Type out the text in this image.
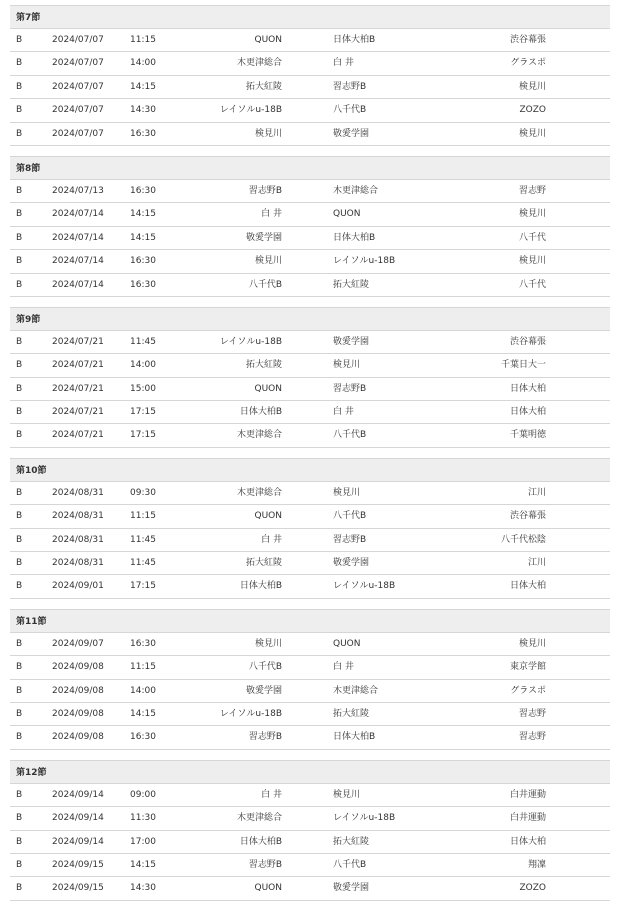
第7節
B	2024/07/07	11:15	QUON	日体大柏B	渋谷幕張
B	2024/07/07	14:00	木更津総合	白 井	グラスポ
B	2024/07/07	14:15	拓大紅陵	習志野B	検見川
B	2024/07/07	14:30	レイソルu-18B	八千代B	ZOZO
B	2024/07/07	16:30	検見川	敬愛学園	検見川
第8節
B	2024/07/13	16:30	習志野B	木更津総合	習志野
B	2024/07/14	14:15	白 井	QUON	検見川
B	2024/07/14	14:15	敬愛学園	日体大柏B	八千代
B	2024/07/14	16:30	検見川	レイソルu-18B	検見川
B	2024/07/14	16:30	八千代B	拓大紅陵	八千代
第9節
B	2024/07/21	11:45	レイソルu-18B	敬愛学園	渋谷幕張
B	2024/07/21	14:00	拓大紅陵	検見川	千葉日大一
B	2024/07/21	15:00	QUON	習志野B	日体大柏
B	2024/07/21	17:15	日体大柏B	白 井	日体大柏
B	2024/07/21	17:15	木更津総合	八千代B	千葉明徳
第10節
B	2024/08/31	09:30	木更津総合	検見川	江川
B	2024/08/31	11:15	QUON	八千代B	渋谷幕張
B	2024/08/31	11:45	白 井	習志野B	八千代松陰
B	2024/08/31	11:45	拓大紅陵	敬愛学園	江川
B	2024/09/01	17:15	日体大柏B	レイソルu-18B	日体大柏
第11節
B	2024/09/07	16:30	検見川	QUON	検見川
B	2024/09/08	11:15	八千代B	白 井	東京学館
B	2024/09/08	14:00	敬愛学園	木更津総合	グラスポ
B	2024/09/08	14:15	レイソルu-18B	拓大紅陵	習志野
B	2024/09/08	16:30	習志野B	日体大柏B	習志野
第12節
B	2024/09/14	09:00	白 井	検見川	白井運動
B	2024/09/14	11:30	木更津総合	レイソルu-18B	白井運動
B	2024/09/14	17:00	日体大柏B	拓大紅陵	日体大柏
B	2024/09/15	14:15	習志野B	八千代B	翔凜
B	2024/09/15	14:30	QUON	敬愛学園	ZOZO
